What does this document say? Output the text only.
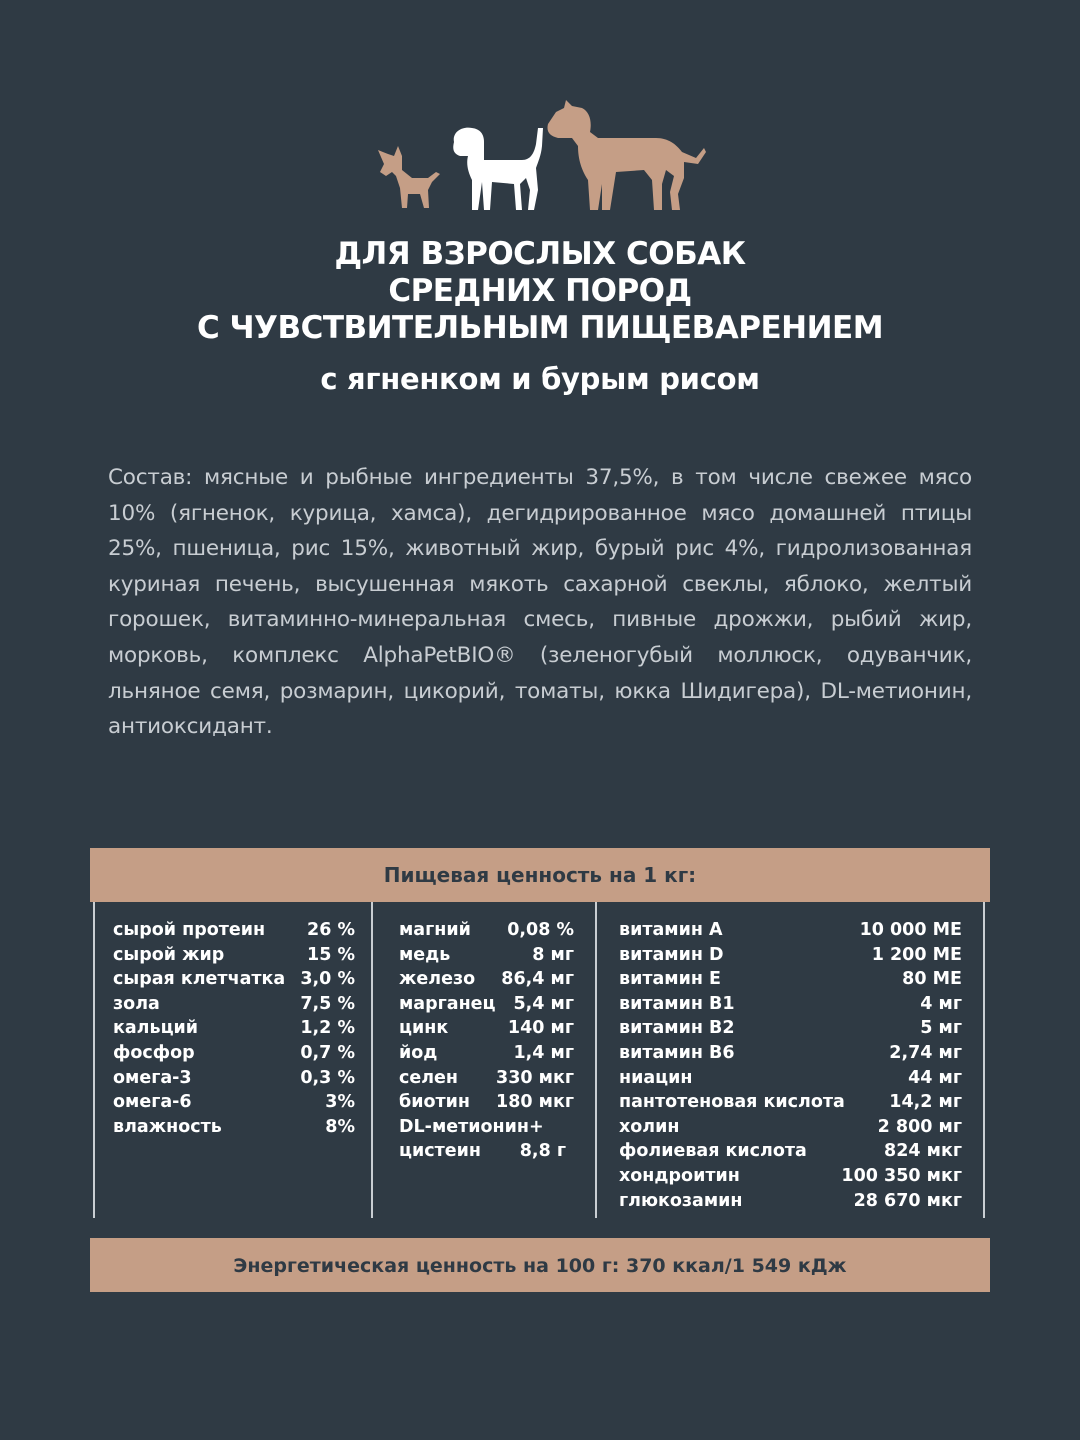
ДЛЯ ВЗРОСЛЫХ СОБАК
СРЕДНИХ ПОРОД
С ЧУВСТВИТЕЛЬНЫМ ПИЩЕВАРЕНИЕМ
с ягненком и бурым рисом
Состав: мясные и рыбные ингредиенты 37,5%, в том числе свежее мясо 10% (ягненок, курица, хамса), дегидрированное мясо домашней птицы 25%, пшеница, рис 15%, животный жир, бурый рис 4%, гидролизованная куриная печень, высушенная мякоть сахарной свеклы, яблоко, желтый горошек, витаминно-минеральная смесь, пивные дрожжи, рыбий жир, морковь, комплекс AlphaPetBIO® (зеленогубый моллюск, одуванчик, льняное семя, розмарин, цикорий, томаты, юкка Шидигера), DL-метионин, антиоксидант.
Пищевая ценность на 1 кг:
сырой протеин 26 %
сырой жир	15 %
сырая клетчатка 3,0 %
зола	7,5 %
кальций	1,2 %
фосфор	0,7 %
омега-3	0,3 %
омега-6	3%
влажность	8%
магний 0,08 %
медь	8 мг
железо 86,4 мг
марганец 5,4 мг
цинк	140 мг
йод	1,4 мг
селен 330 мкг
биотин 180 мкг
DL-метионин+
цистеин 8,8 г
витамин A	10 000 МЕ
витамин D	1 200 МЕ
витамин E	80 МЕ
витамин B1	4 мг
витамин B2	5 мг
витамин B6	2,74 мг
ниацин	44 мг
пантотеновая кислота	14,2 мг
холин	2 800 мг
фолиевая кислота	824 мкг
хондроитин	100 350 мкг
глюкозамин	28 670 мкг
Энергетическая ценность на 100 г: 370 ккал/1 549 кДж
